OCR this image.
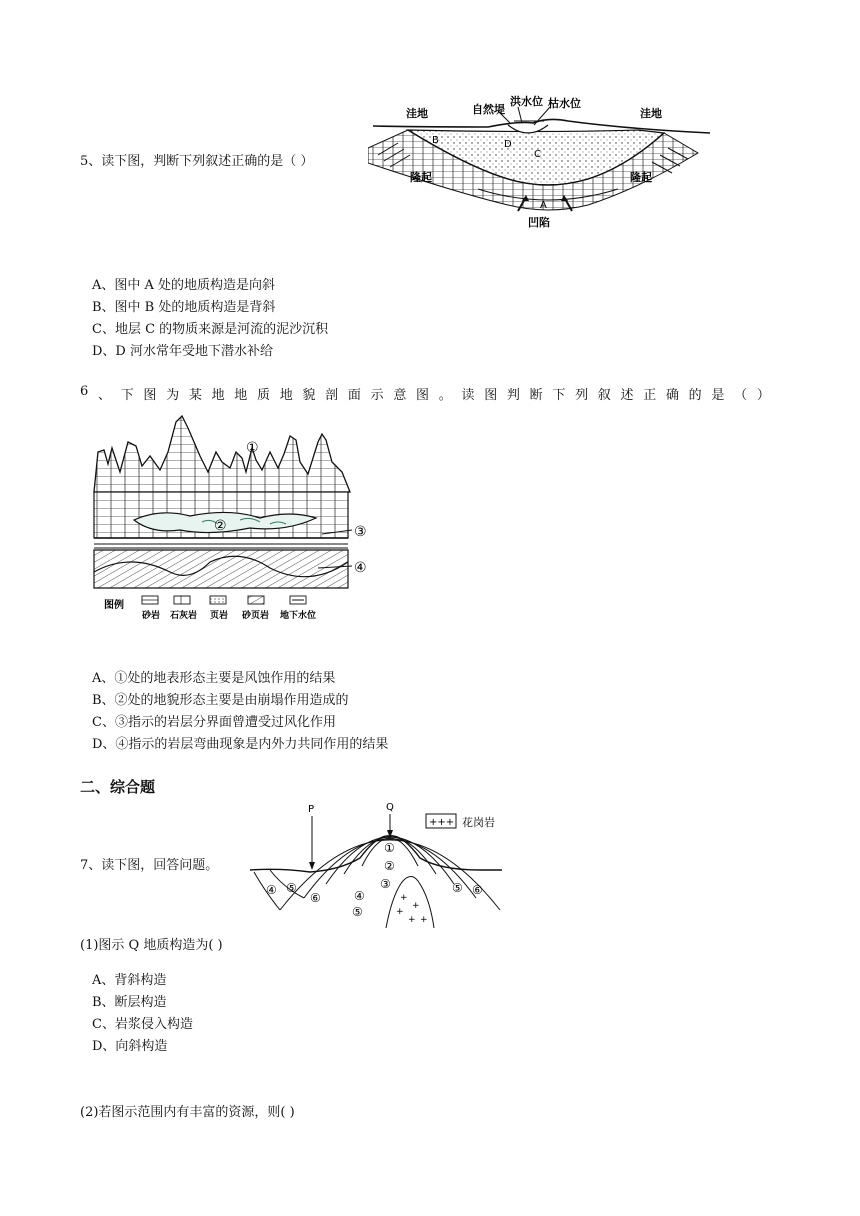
5、读下图，判断下列叙述正确的是（ ）
洼地	自然堤
洪水位 枯水位
洼地
隆起	隆起
凹陷
A
B
C
D
A、图中 A 处的地质构造是向斜
B、图中 B 处的地质构造是背斜
C、地层 C 的物质来源是河流的泥沙沉积
D、D 河水常年受地下潜水补给
6 、 下 图 为 某 地 地 质 地 貌 剖 面 示 意 图 。 读 图 判 断 下 列 叙 述 正 确 的 是 （ ）
①
②	③
④
图例
砂岩 石灰岩 页岩 砂页岩 地下水位
A、①处的地表形态主要是风蚀作用的结果
B、②处的地貌形态主要是由崩塌作用造成的
C、③指示的岩层分界面曾遭受过风化作用
D、④指示的岩层弯曲现象是内外力共同作用的结果
二、综合题
7、读下图，回答问题。
P	Q
+++ 花岗岩
+
+
+
+ +
①
②
③
④ ⑤
⑥	④
⑤
⑤ ⑥
(1)图示 Q 地质构造为( )
A、背斜构造
B、断层构造
C、岩浆侵入构造
D、向斜构造
(2)若图示范围内有丰富的资源，则( )
